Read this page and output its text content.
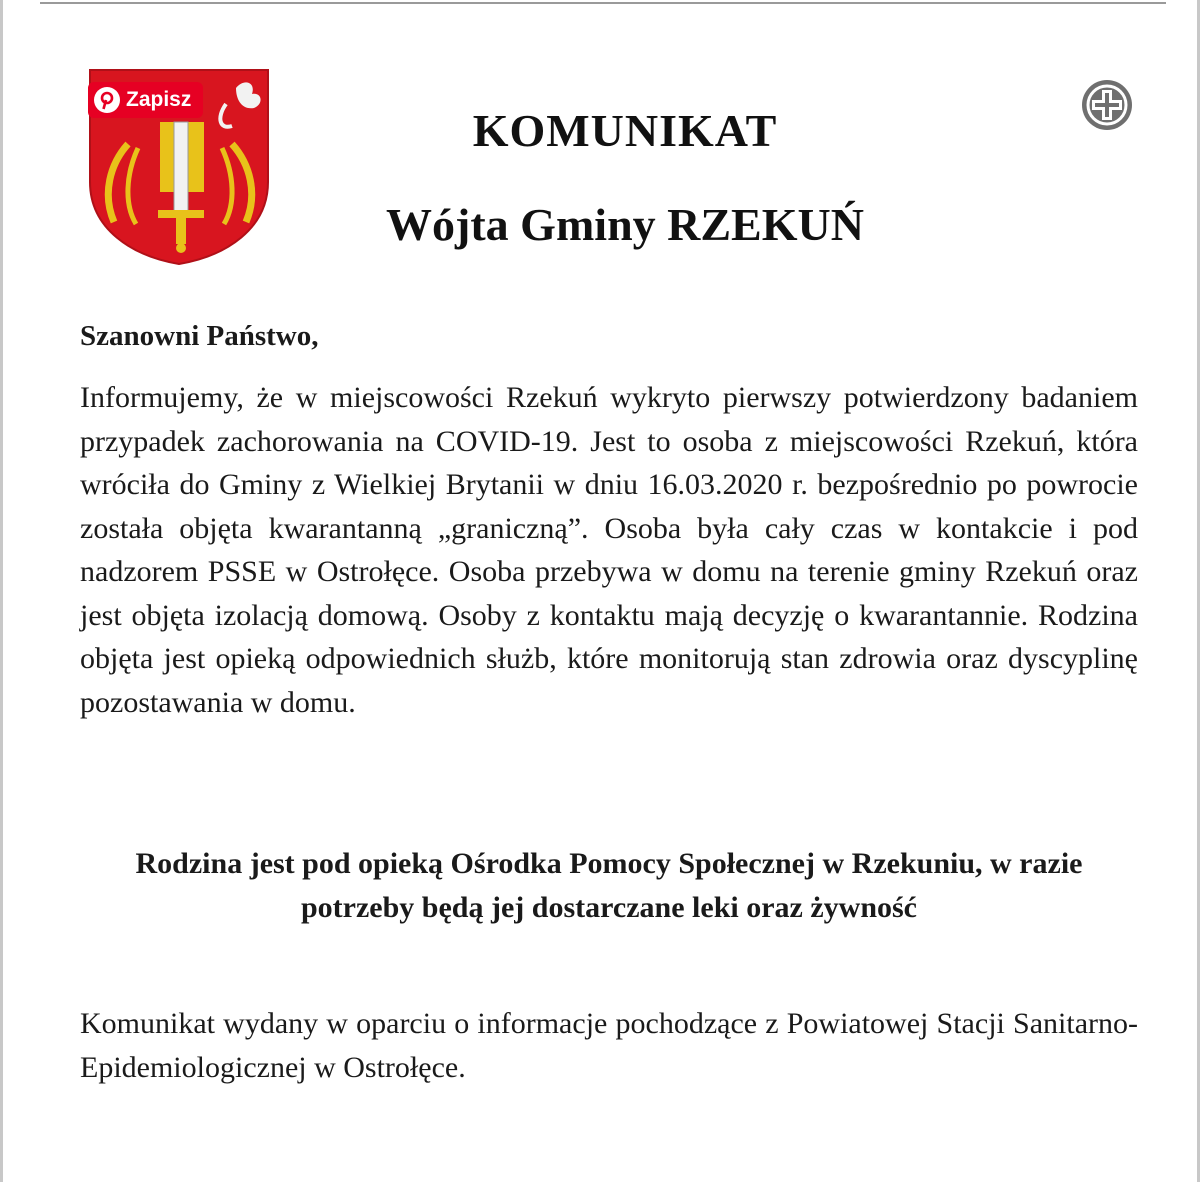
Zapisz
KOMUNIKAT
Wójta Gminy RZEKUŃ
Szanowni Państwo,

Informujemy, że w miejscowości Rzekuń wykryto pierwszy potwierdzony badaniem przypadek zachorowania na COVID-19. Jest to osoba z miejscowości Rzekuń, która wróciła do Gminy z Wielkiej Brytanii w dniu 16.03.2020 r. bezpośrednio po powrocie została objęta kwarantanną „graniczną”. Osoba była cały czas w kontakcie i pod nadzorem PSSE w Ostrołęce. Osoba przebywa w domu na terenie gminy Rzekuń oraz jest objęta izolacją domową. Osoby z kontaktu mają decyzję o kwarantannie. Rodzina objęta jest opieką odpowiednich służb, które monitorują stan zdrowia oraz dyscyplinę pozostawania w domu.

Rodzina jest pod opieką Ośrodka Pomocy Społecznej w Rzekuniu, w razie potrzeby będą jej dostarczane leki oraz żywność

Komunikat wydany w oparciu o informacje pochodzące z Powiatowej Stacji Sanitarno- Epidemiologicznej w Ostrołęce.
